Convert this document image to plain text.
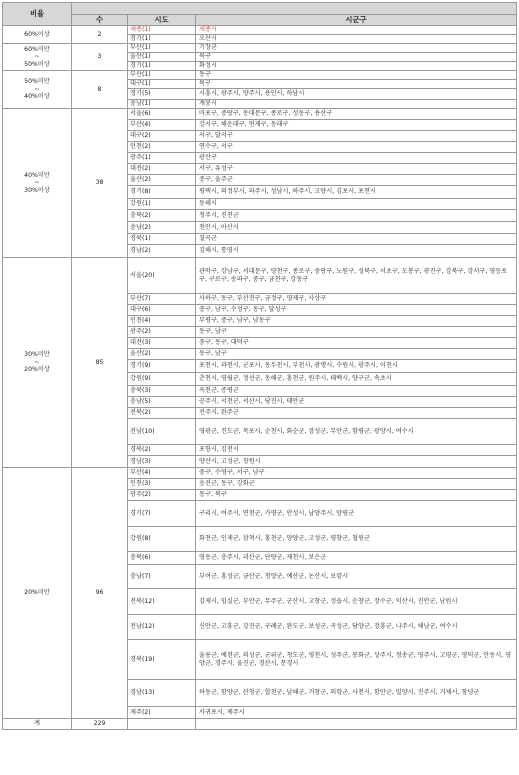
비율			
	수	시도	시군구

60%이상	2	세종(1)	세종시
		경기(1)	오산시

60%미만
~
50%이상	3	부산(1)	기장군
		울산(1)	북구
		경기(1)	화성시

50%미만
~
40%이상	8	부산(1)	동구
		대구(1)	북구
		경기(5)	시흥시, 광주시, 양주시, 용인시, 하남시
		충남(1)	계룡시

40%미만
~
30%이상	38	서울(6)	마포구, 중랑구, 동대문구, 종로구, 성동구, 용산구
		부산(4)	강서구, 해운대구, 연제구, 동래구
		대구(2)	서구, 달서구
		인천(2)	연수구, 서구
		광주(1)	광산구
		대전(2)	서구, 유성구
		울산(2)	중구, 울주군
		경기(8)	평택시, 의정부시, 파주시, 성남시, 하주시, 고양시, 김포시, 포천시
		강원(1)	동해시
		충북(2)	청주시, 진천군
		충남(2)	천안시, 아산시
		경북(1)	칠곡군
		경남(2)	김해시, 통영시

30%미만
~
20%이상	85	서울(20)	관악구, 강남구, 서대문구, 양천구, 종로구, 중랑구, 노원구, 성북구, 서초구, 도봉구, 광진구, 강북구, 강서구, 영등포구, 구로구, 송파구, 중구, 금천구, 강동구
		부산(7)	사하구, 동구, 부산진구, 금정구, 영제구, 사상구
		대구(6)	중구, 남구, 수성구, 동구, 달성구
		인천(4)	부평구, 중구, 남구, 남동구
		광주(2)	동구, 남구
		대전(3)	중구, 동구, 대덕구
		울산(2)	동구, 남구
		경기(9)	포천시, 과천시, 군포시, 동두천시, 부천시, 광명시, 수원시, 광주시, 이천시
		강원(9)	춘천시, 영월군, 정선군, 동해군, 홍천군, 원주시, 태백시, 양구군, 속초시
		충북(3)	옥천군, 증평군
		충남(5)	공주시, 서천군, 서산시, 당진시, 태안군
		전북(2)	전주시, 완주군
		전남(10)	영광군, 진도군, 목포시, 순천시, 화순군, 장성군, 무안군, 함평군, 광양시, 여수시
		경북(2)	포항시, 김천시
		경남(3)	양산시, 고성군, 창원시

20%미만	96	부산(4)	중구, 수영구, 서구, 남구
		인천(3)	옹진군, 동구, 강화군
		광주(2)	동구, 북구
		경기(7)	구리시, 여주시, 연천군, 가평군, 안성시, 남양주시, 양평군
		강원(8)	화천군, 인제군, 삼척시, 홍천군, 양양군, 고성군, 평창군, 철원군
		충북(6)	영동군, 충주시, 괴산군, 단양군, 제천시, 보은군
		충남(7)	부여군, 홍성군, 금산군, 청양군, 예산군, 논산시, 보령시
		전북(12)	김제시, 임실군, 부안군, 무주군, 군산시, 고창군, 정읍시, 순창군, 장수군, 익산시, 진안군, 남원시
		전남(12)	신안군, 고흥군, 강진군, 구례군, 완도군, 보성군, 곡성군, 담양군, 장흥군, 나주시, 해남군, 여수시
		경북(19)	울릉군, 예천군, 의성군, 군위군, 청도군, 영천시, 성주군, 봉화군, 상주시, 청송군, 영주시, 고령군, 영덕군, 안동시, 영양군, 경주시, 울진군, 경산시, 문경시
		경남(13)	하동군, 함양군, 산청군, 합천군, 남해군, 거창군, 의령군, 사천시, 함안군, 밀양시, 진주시, 거제시, 창녕군
		제주(2)	서귀포시, 제주시
계	229		
